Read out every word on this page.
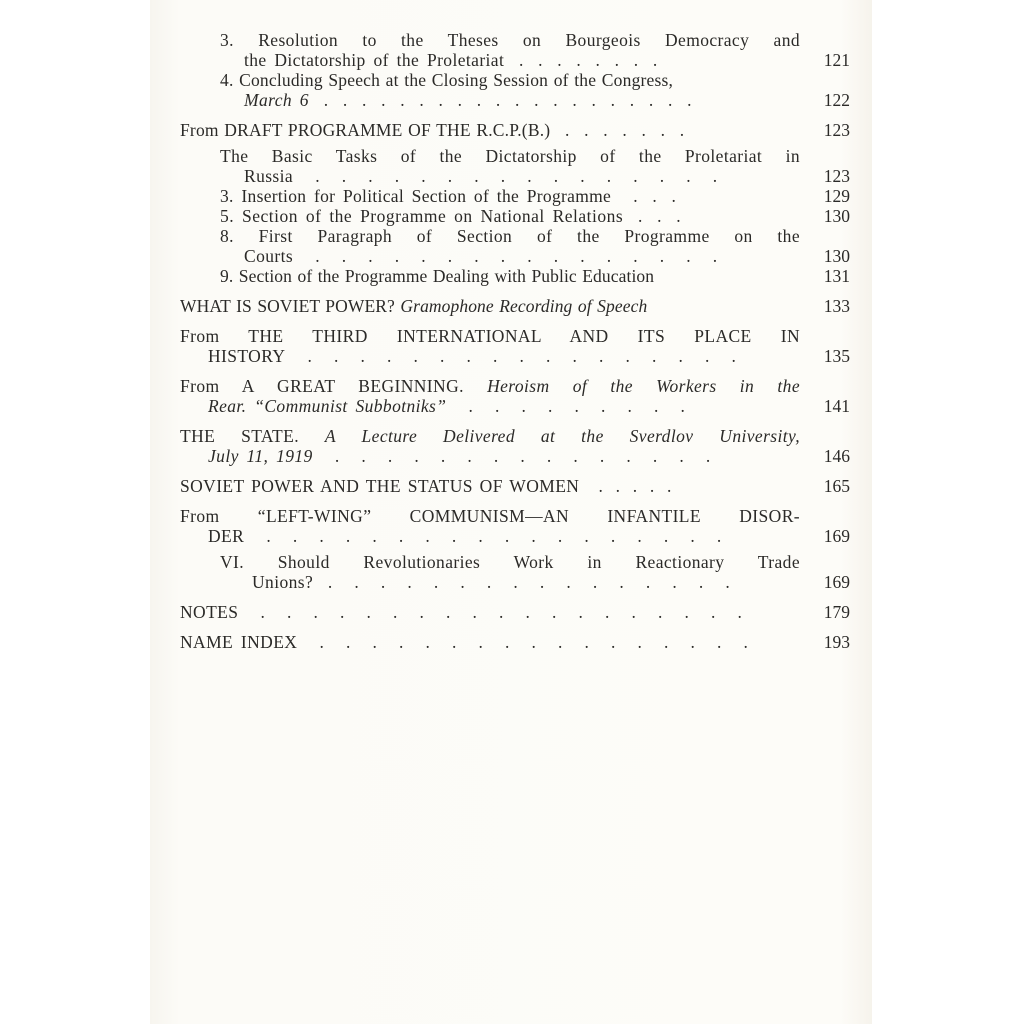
3. Resolution to the Theses on Bourgeois Democracy and
the Dictatorship of the Proletariat  .  .  .  .  .  .  .  .	121
4. Concluding Speech at the Closing Session of the Congress,
March 6  .  .  .  .  .  .  .  .  .  .  .  .  .  .  .  .  .  .  .  .	122
From DRAFT PROGRAMME OF THE R.C.P.(B.)  .  .  .  .  .  .  .	123
The Basic Tasks of the Dictatorship of the Proletariat in
Russia   .   .   .   .   .   .   .   .   .   .   .   .   .   .   .   .	123
3. Insertion for Political Section of the Programme   .  .  .	129
5. Section of the Programme on National Relations  .  .  .	130
8. First Paragraph of Section of the Programme on the
Courts   .   .   .   .   .   .   .   .   .   .   .   .   .   .   .   .	130
9. Section of the Programme Dealing with Public Education	131
WHAT IS SOVIET POWER? Gramophone Recording of Speech	133
From THE THIRD INTERNATIONAL AND ITS PLACE IN
HISTORY   .   .   .   .   .   .   .   .   .   .   .   .   .   .   .   .   .	135
From A GREAT BEGINNING. Heroism of the Workers in the
Rear. “Communist Subbotniks”   .   .   .   .   .   .   .   .   .	141
THE STATE. A Lecture Delivered at the Sverdlov University,
July 11, 1919   .   .   .   .   .   .   .   .   .   .   .   .   .   .   .	146
SOVIET POWER AND THE STATUS OF WOMEN   .  .  .  .  .	165
From “LEFT-WING” COMMUNISM—AN INFANTILE DISOR-
DER   .   .   .   .   .   .   .   .   .   .   .   .   .   .   .   .   .   .	169
VI. Should Revolutionaries Work in Reactionary Trade
Unions?  .   .   .   .   .   .   .   .   .   .   .   .   .   .   .   .	169
NOTES   .   .   .   .   .   .   .   .   .   .   .   .   .   .   .   .   .   .   .	179
NAME INDEX   .   .   .   .   .   .   .   .   .   .   .   .   .   .   .   .   .	193
